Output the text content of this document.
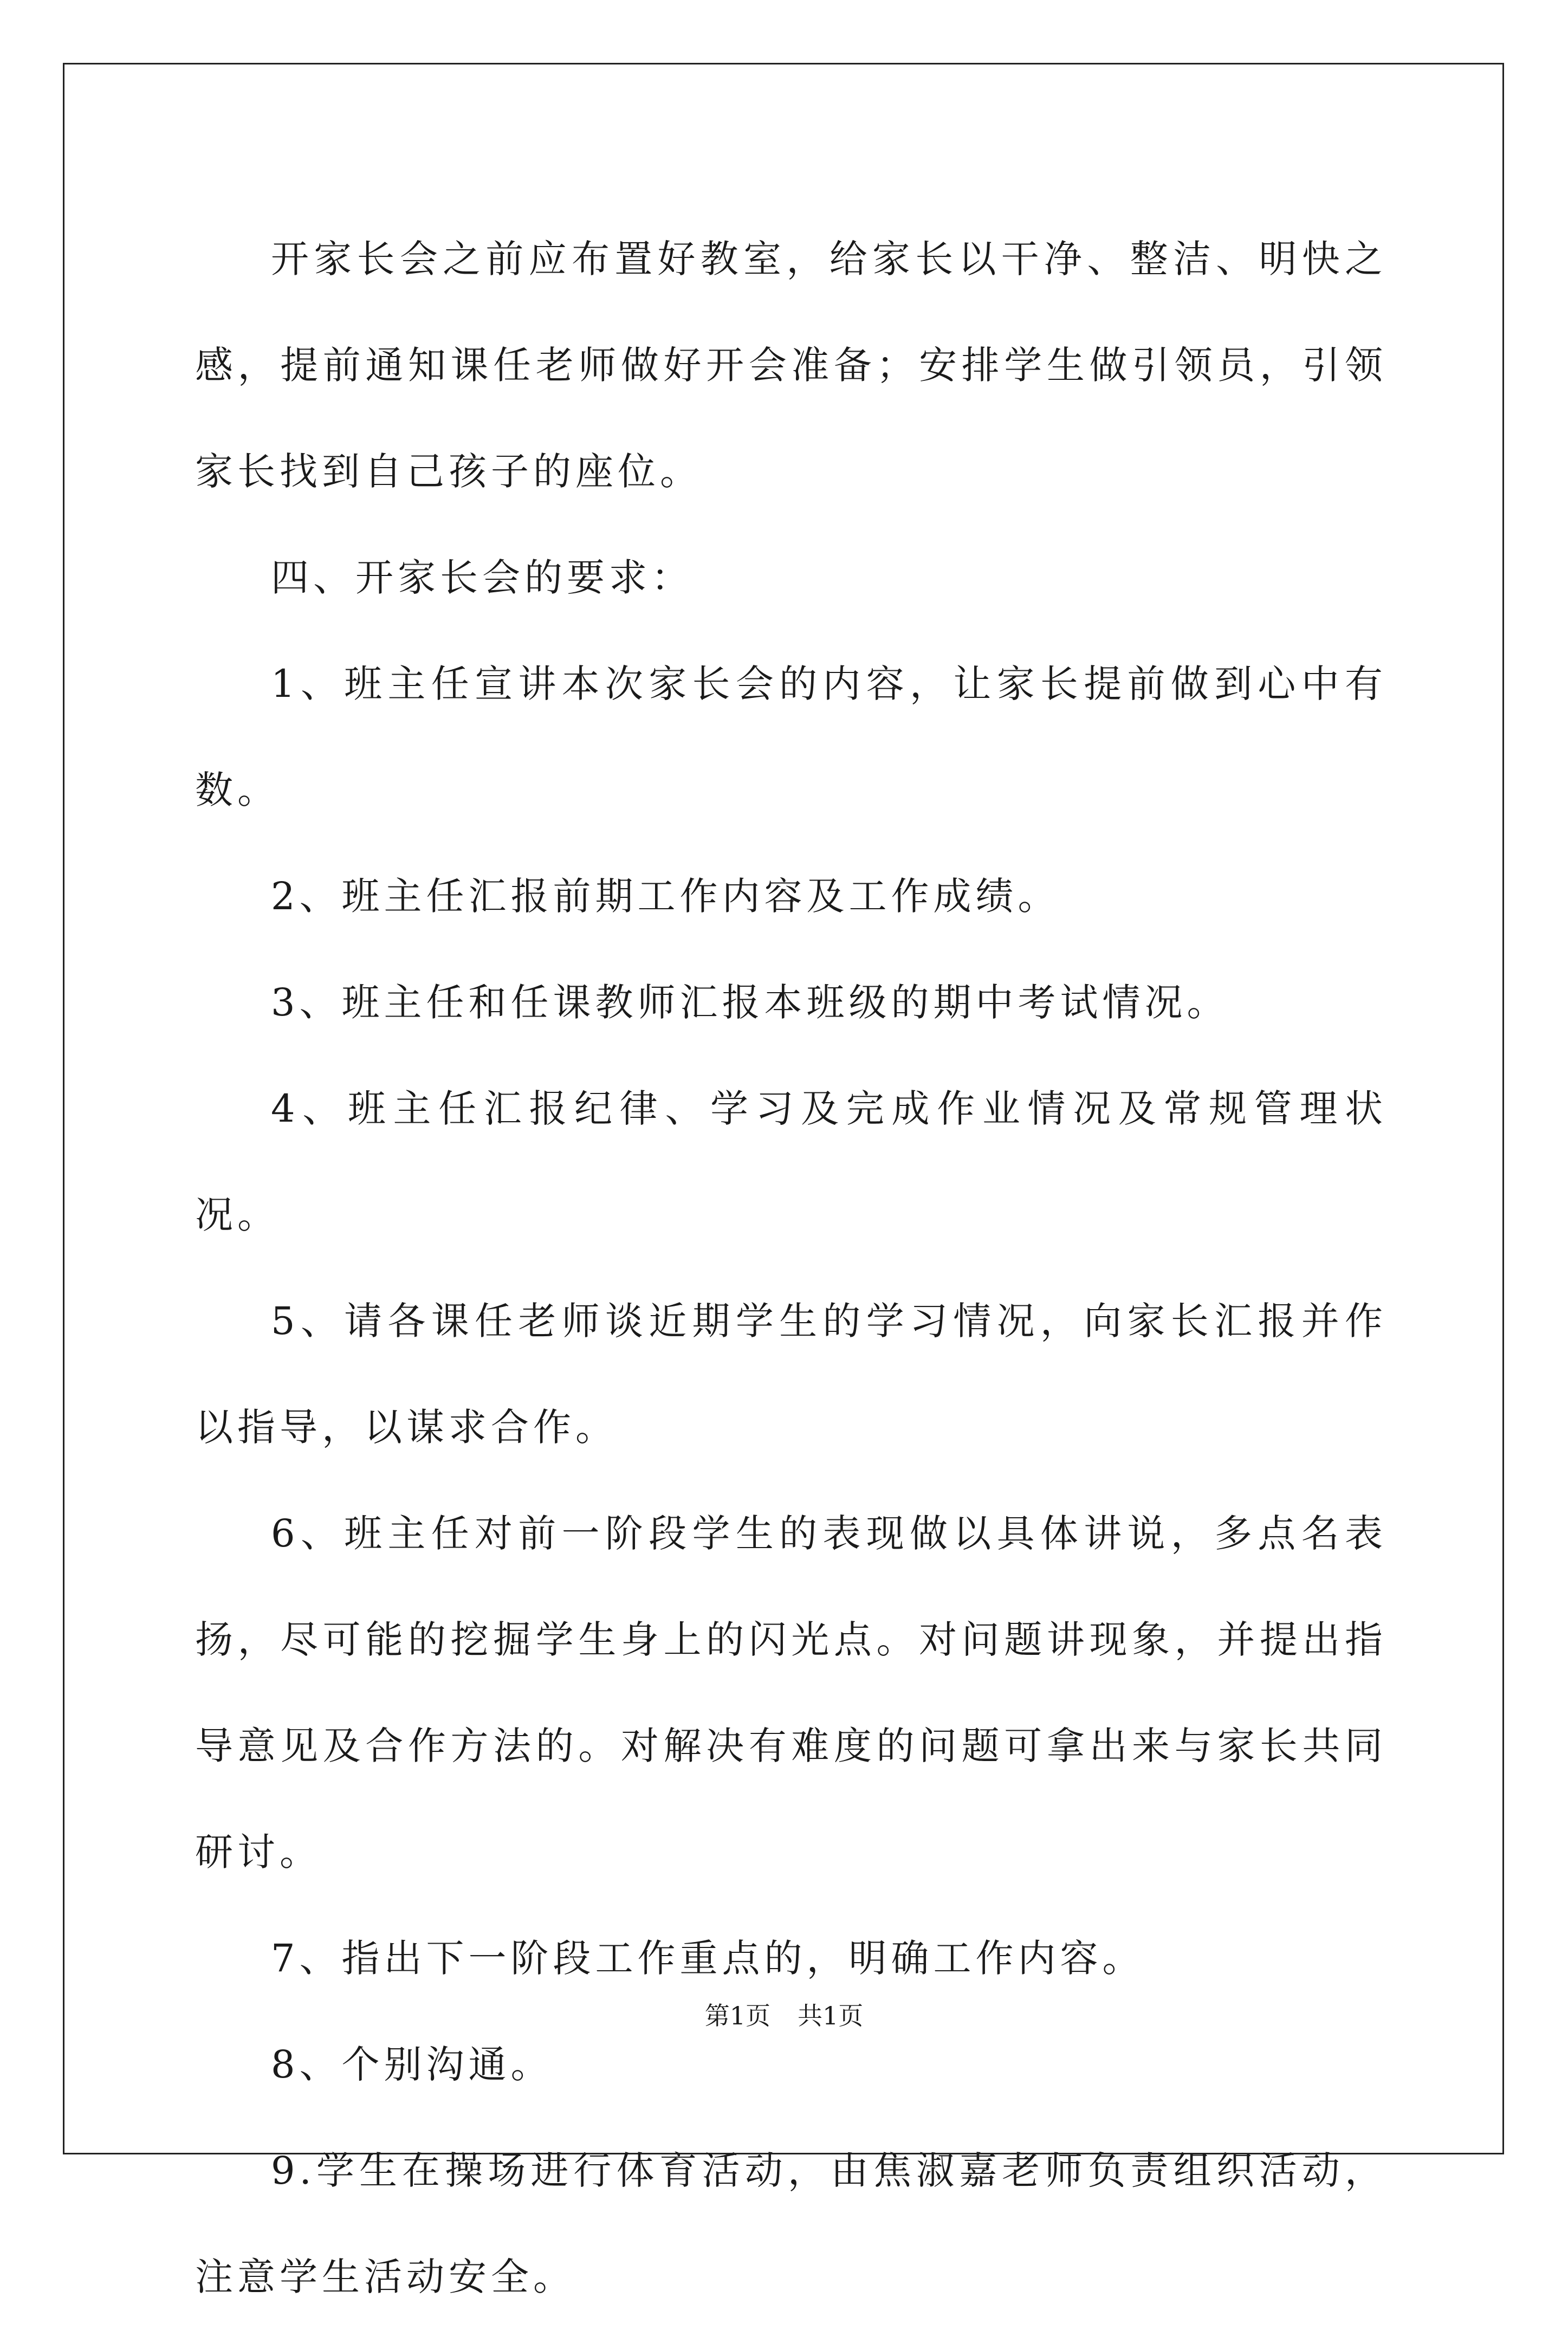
开家长会之前应布置好教室，给家长以干净、整洁、明快之感，提前通知课任老师做好开会准备；安排学生做引领员，引领家长找到自己孩子的座位。

四、开家长会的要求：

1、班主任宣讲本次家长会的内容，让家长提前做到心中有数。

2、班主任汇报前期工作内容及工作成绩。

3、班主任和任课教师汇报本班级的期中考试情况。

4、班主任汇报纪律、学习及完成作业情况及常规管理状况。

5、请各课任老师谈近期学生的学习情况，向家长汇报并作以指导，以谋求合作。

6、班主任对前一阶段学生的表现做以具体讲说，多点名表扬，尽可能的挖掘学生身上的闪光点。对问题讲现象，并提出指导意见及合作方法的。对解决有难度的问题可拿出来与家长共同研讨。

7、指出下一阶段工作重点的，明确工作内容。

8、个别沟通。

9.学生在操场进行体育活动，由焦淑嘉老师负责组织活动，注意学生活动安全。

第1页 共1页
